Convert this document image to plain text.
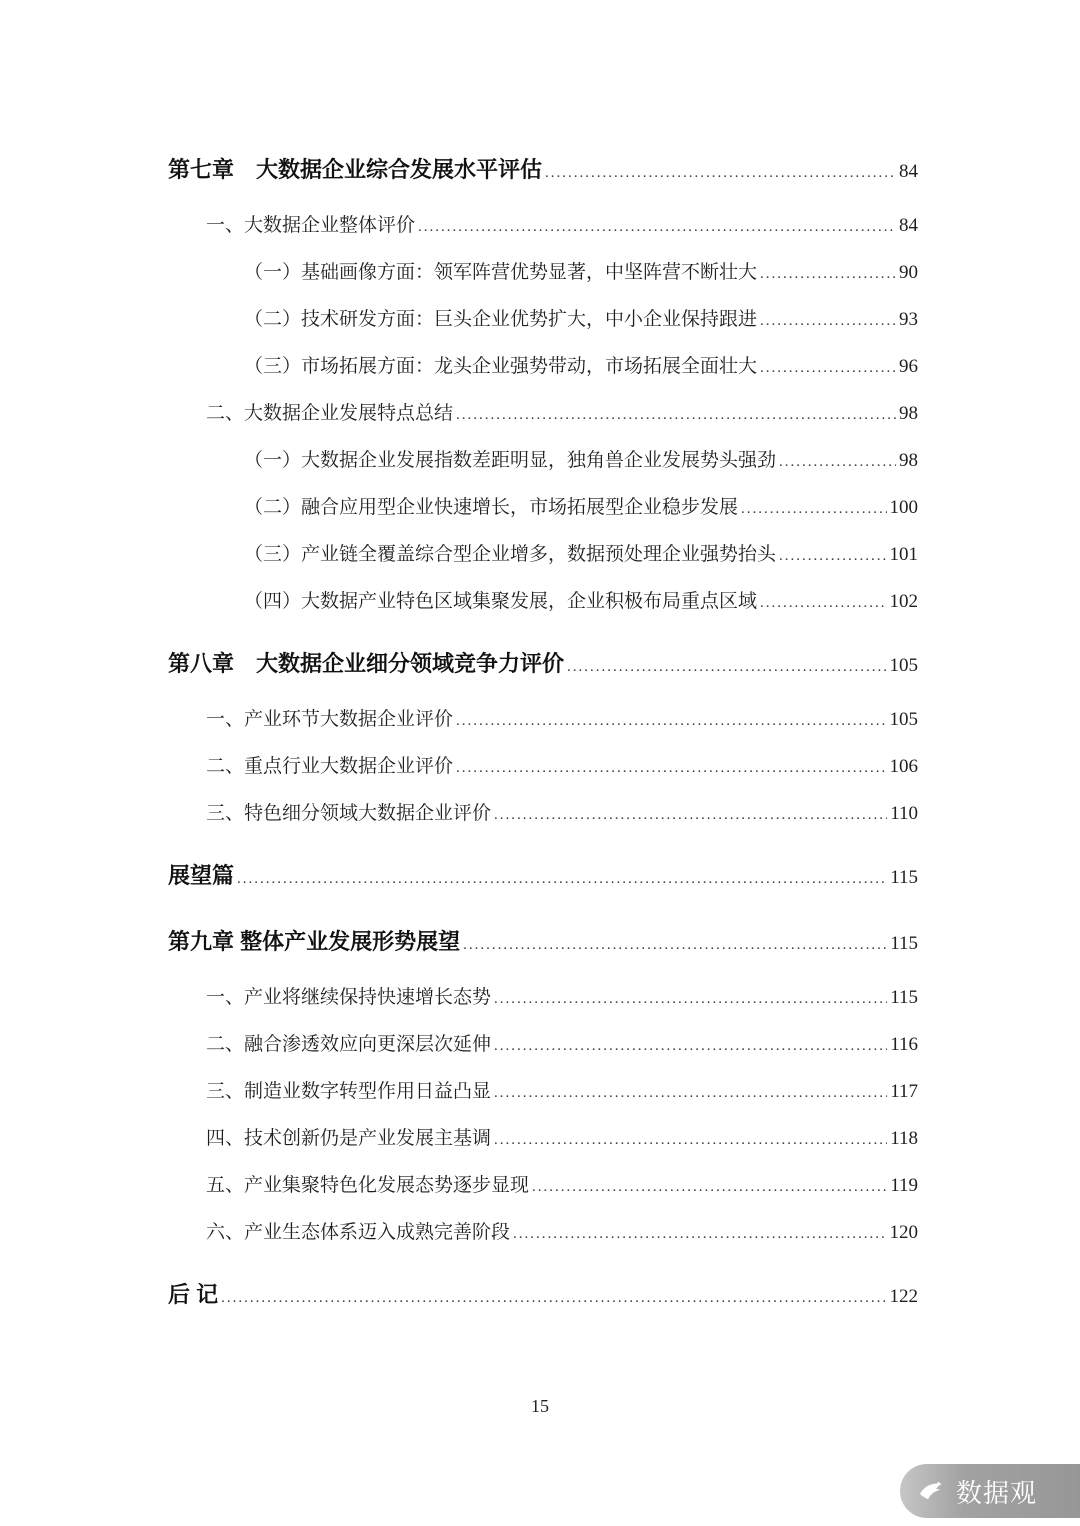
第七章　大数据企业综合发展水平评估 .....	84
一、大数据企业整体评价 .....	84
（一）基础画像方面：领军阵营优势显著，中坚阵营不断壮大 .....	90
（二）技术研发方面：巨头企业优势扩大，中小企业保持跟进 .....	93
（三）市场拓展方面：龙头企业强势带动，市场拓展全面壮大 .....	96
二、大数据企业发展特点总结 .....	98
（一）大数据企业发展指数差距明显，独角兽企业发展势头强劲 .....	98
（二）融合应用型企业快速增长，市场拓展型企业稳步发展 .....	100
（三）产业链全覆盖综合型企业增多，数据预处理企业强势抬头 .....	101
（四）大数据产业特色区域集聚发展，企业积极布局重点区域 .....	102
第八章　大数据企业细分领域竞争力评价 .....	105
一、产业环节大数据企业评价 .....	105
二、重点行业大数据企业评价 .....	106
三、特色细分领域大数据企业评价 .....	110
展望篇 .....	115
第九章 整体产业发展形势展望 .....	115
一、产业将继续保持快速增长态势 .....	115
二、融合渗透效应向更深层次延伸 .....	116
三、制造业数字转型作用日益凸显 .....	117
四、技术创新仍是产业发展主基调 .....	118
五、产业集聚特色化发展态势逐步显现 .....	119
六、产业生态体系迈入成熟完善阶段 .....	120
后 记 .....	122
15
数据观
